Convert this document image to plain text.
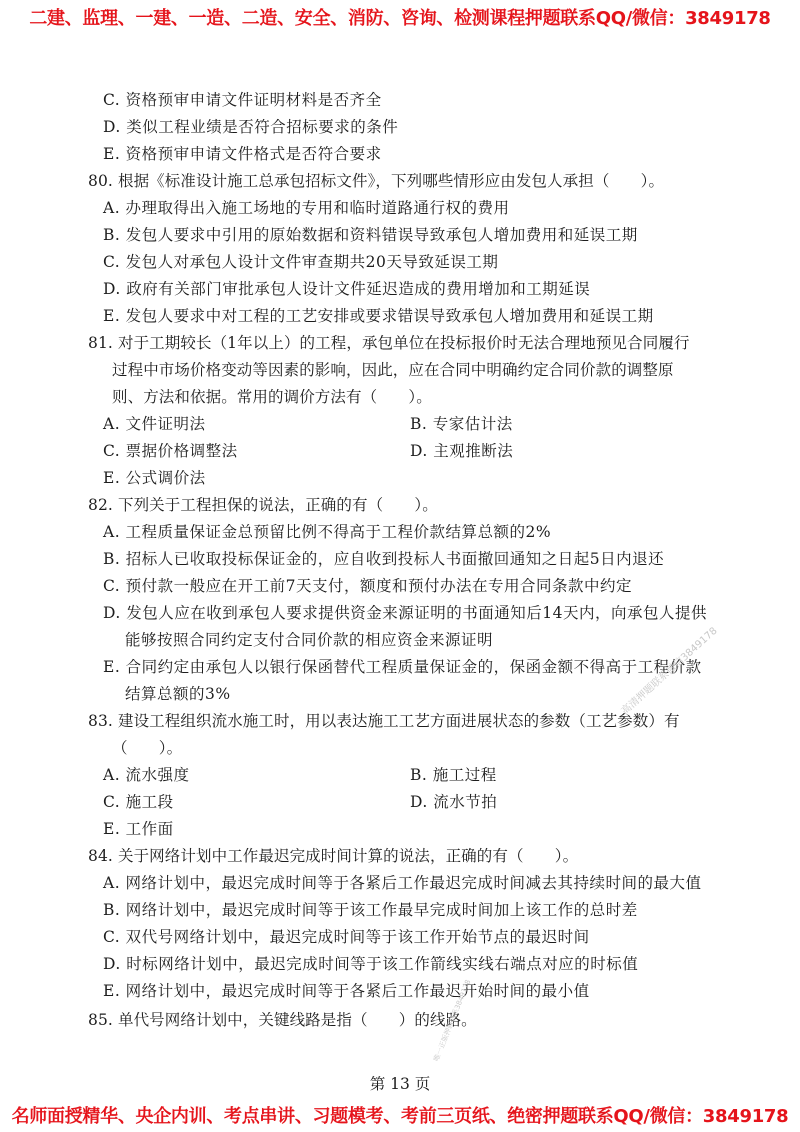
二建、监理、一建、一造、二造、安全、消防、咨询、检测课程押题联系QQ/微信：3849178
C. 资格预审申请文件证明材料是否齐全
D. 类似工程业绩是否符合招标要求的条件
E. 资格预审申请文件格式是否符合要求
80. 根据《标准设计施工总承包招标文件》，下列哪些情形应由发包人承担（　　）。
A. 办理取得出入施工场地的专用和临时道路通行权的费用
B. 发包人要求中引用的原始数据和资料错误导致承包人增加费用和延误工期
C. 发包人对承包人设计文件审查期共20天导致延误工期
D. 政府有关部门审批承包人设计文件延迟造成的费用增加和工期延误
E. 发包人要求中对工程的工艺安排或要求错误导致承包人增加费用和延误工期
81. 对于工期较长（1年以上）的工程，承包单位在投标报价时无法合理地预见合同履行
过程中市场价格变动等因素的影响，因此，应在合同中明确约定合同价款的调整原
则、方法和依据。常用的调价方法有（　　）。
A. 文件证明法	B. 专家估计法
C. 票据价格调整法	D. 主观推断法
E. 公式调价法
82. 下列关于工程担保的说法，正确的有（　　）。
A. 工程质量保证金总预留比例不得高于工程价款结算总额的2%
B. 招标人已收取投标保证金的，应自收到投标人书面撤回通知之日起5日内退还
C. 预付款一般应在开工前7天支付，额度和预付办法在专用合同条款中约定
D. 发包人应在收到承包人要求提供资金来源证明的书面通知后14天内，向承包人提供
能够按照合同约定支付合同价款的相应资金来源证明
E. 合同约定由承包人以银行保函替代工程质量保证金的，保函金额不得高于工程价款
结算总额的3%
83. 建设工程组织流水施工时，用以表达施工工艺方面进展状态的参数（工艺参数）有
（　　）。
A. 流水强度	B. 施工过程
C. 施工段	D. 流水节拍
E. 工作面
84. 关于网络计划中工作最迟完成时间计算的说法，正确的有（　　）。
A. 网络计划中，最迟完成时间等于各紧后工作最迟完成时间减去其持续时间的最大值
B. 网络计划中，最迟完成时间等于该工作最早完成时间加上该工作的总时差
C. 双代号网络计划中，最迟完成时间等于该工作开始节点的最迟时间
D. 时标网络计划中，最迟完成时间等于该工作箭线实线右端点对应的时标值
E. 网络计划中，最迟完成时间等于各紧后工作最迟开始时间的最小值
85. 单代号网络计划中，关键线路是指（　　）的线路。
高清押题联系微信3849178
唯一正版押题联系3849178
第 13 页
名师面授精华、央企内训、考点串讲、习题模考、考前三页纸、绝密押题联系QQ/微信：3849178
